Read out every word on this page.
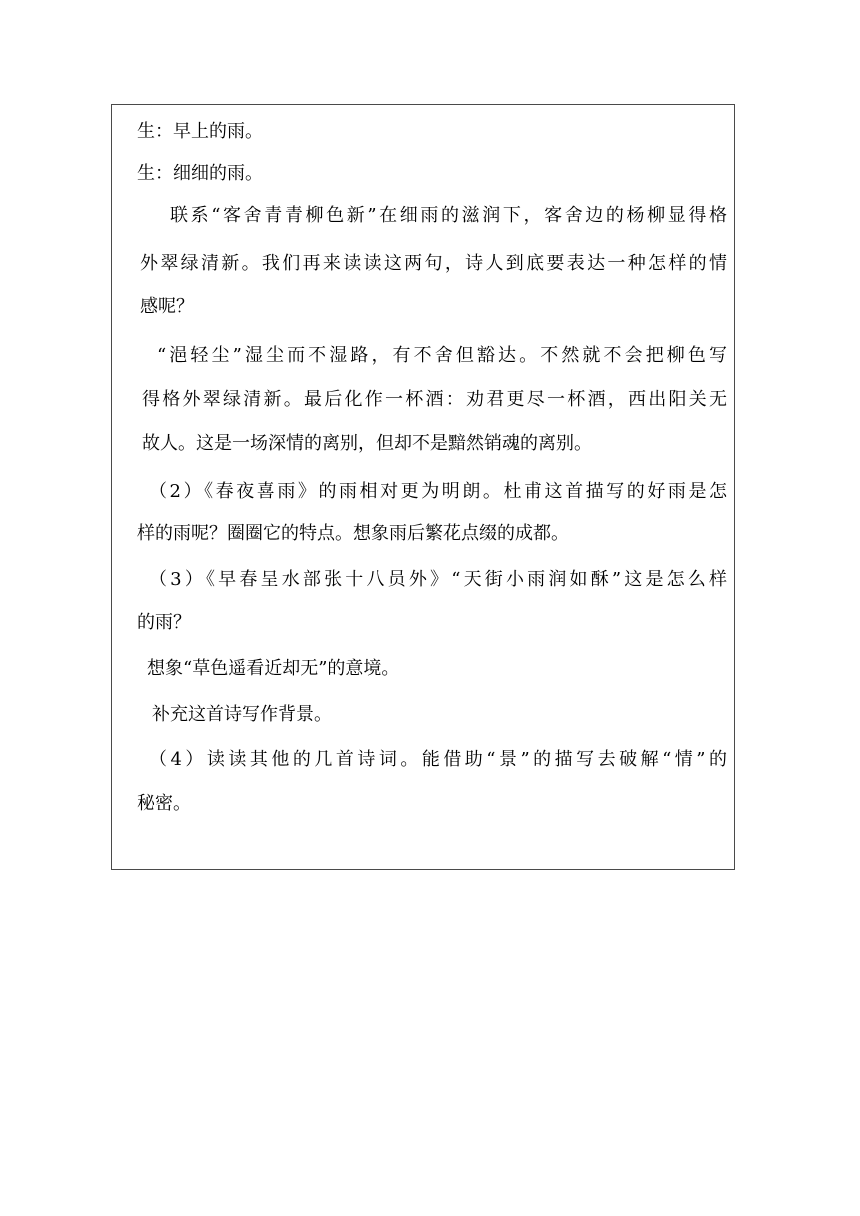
生：早上的雨。
生：细细的雨。
联系“客舍青青柳色新”在细雨的滋润下，客舍边的杨柳显得格
外翠绿清新。我们再来读读这两句，诗人到底要表达一种怎样的情
感呢？
“浥轻尘”湿尘而不湿路，有不舍但豁达。不然就不会把柳色写
得格外翠绿清新。最后化作一杯酒：劝君更尽一杯酒，西出阳关无
故人。这是一场深情的离别，但却不是黯然销魂的离别。
（2）《春夜喜雨》的雨相对更为明朗。杜甫这首描写的好雨是怎
样的雨呢？圈圈它的特点。想象雨后繁花点缀的成都。
（3）《早春呈水部张十八员外》“天街小雨润如酥”这是怎么样
的雨？
想象“草色遥看近却无”的意境。
补充这首诗写作背景。
（4）读读其他的几首诗词。能借助“景”的描写去破解“情”的
秘密。
